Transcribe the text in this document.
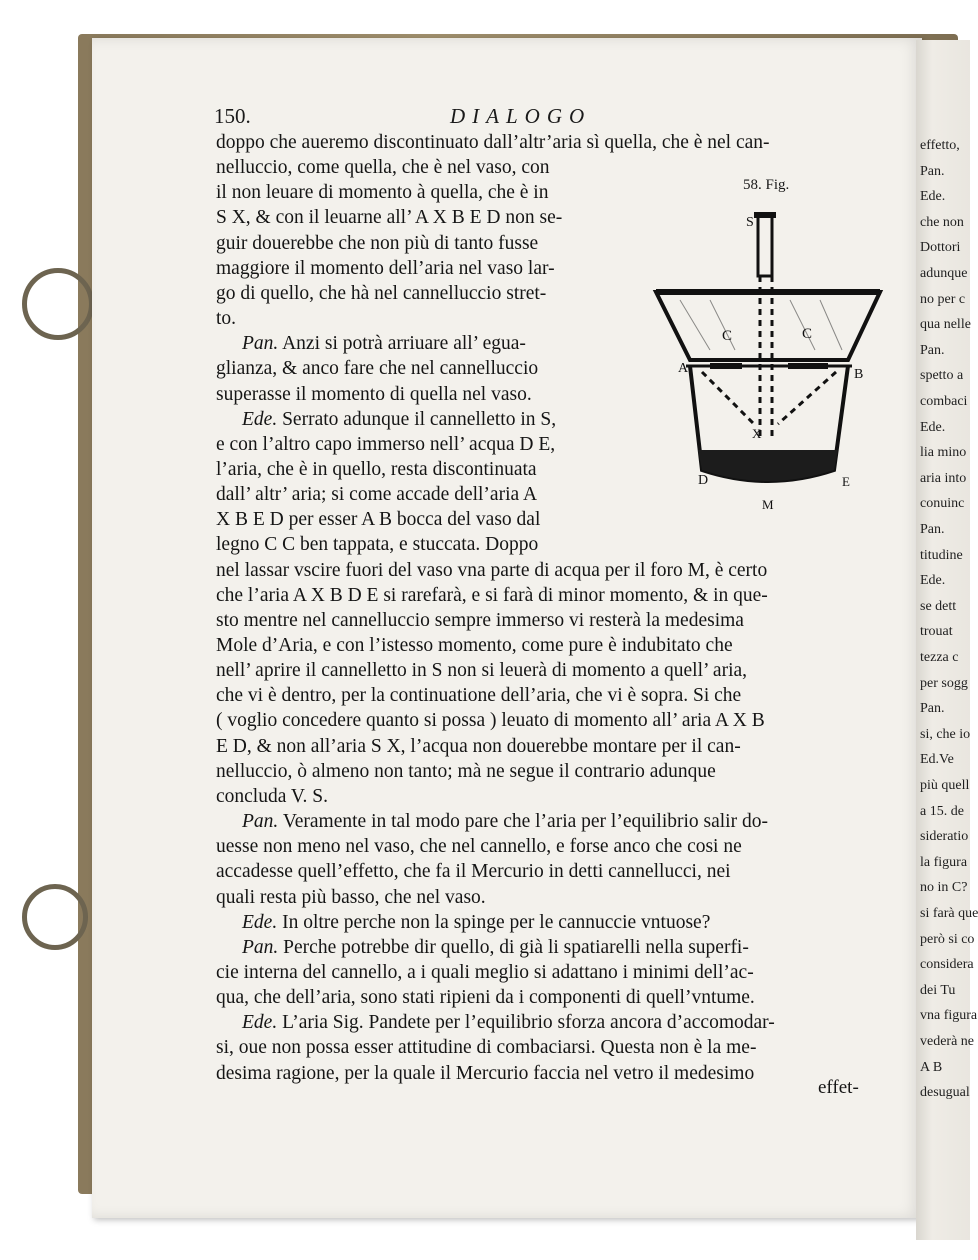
effetto,
Pan.
Ede.
che non
Dottori
adunque
no per c
qua nelle
Pan.
spetto a
combaci
Ede.
lia mino
aria into
conuinc
Pan.
titudine
Ede.
se dett
trouat
tezza c
per sogg
Pan.
si, che io
Ed.Ve
più quell
a 15. de
sideratio
la figura
no in C?
si farà que
però si co
considera
dei Tu
vna figura
vederà ne
A B
desugual
150.	DIALOGO
doppo che aueremo discontinuato dall’altr’aria sì quella, che è nel can-
nelluccio, come quella, che è nel vaso, con
il non leuare di momento à quella, che è in
S X, & con il leuarne all’ A X B E D non se-
guir douerebbe che non più di tanto fusse
maggiore il momento dell’aria nel vaso lar-
go di quello, che hà nel cannelluccio stret-
to.
Pan. Anzi si potrà arriuare all’ egua-
glianza, & anco fare che nel cannelluccio
superasse il momento di quella nel vaso.
Ede. Serrato adunque il cannelletto in S,
e con l’altro capo immerso nell’ acqua D E,
l’aria, che è in quello, resta discontinuata
dall’ altr’ aria; si come accade dell’aria A
X B E D per esser A B bocca del vaso dal
legno C C ben tappata, e stuccata. Doppo
nel lassar vscire fuori del vaso vna parte di acqua per il foro M, è certo
che l’aria A X B D E si rarefarà, e si farà di minor momento, & in que-
sto mentre nel cannelluccio sempre immerso vi resterà la medesima
Mole d’Aria, e con l’istesso momento, come pure è indubitato che
nell’ aprire il cannelletto in S non si leuerà di momento a quell’ aria,
che vi è dentro, per la continuatione dell’aria, che vi è sopra. Si che
( voglio concedere quanto si possa ) leuato di momento all’ aria A X B
E D, & non all’aria S X, l’acqua non douerebbe montare per il can-
nelluccio, ò almeno non tanto; mà ne segue il contrario adunque
concluda V. S.
Pan. Veramente in tal modo pare che l’aria per l’equilibrio salir do-
uesse non meno nel vaso, che nel cannello, e forse anco che cosi ne
accadesse quell’effetto, che fa il Mercurio in detti cannellucci, nei
quali resta più basso, che nel vaso.
Ede. In oltre perche non la spinge per le cannuccie vntuose?
Pan. Perche potrebbe dir quello, di già li spatiarelli nella superfi-
cie interna del cannello, a i quali meglio si adattano i minimi dell’ac-
qua, che dell’aria, sono stati ripieni da i componenti di quell’vntume.
Ede. L’aria Sig. Pandete per l’equilibrio sforza ancora d’accomodar-
si, oue non possa esser attitudine di combaciarsi. Questa non è la me-
desima ragione, per la quale il Mercurio faccia nel vetro il medesimo
58. Fig.
S
C	C
A	B
X
D	E
M
effet-
